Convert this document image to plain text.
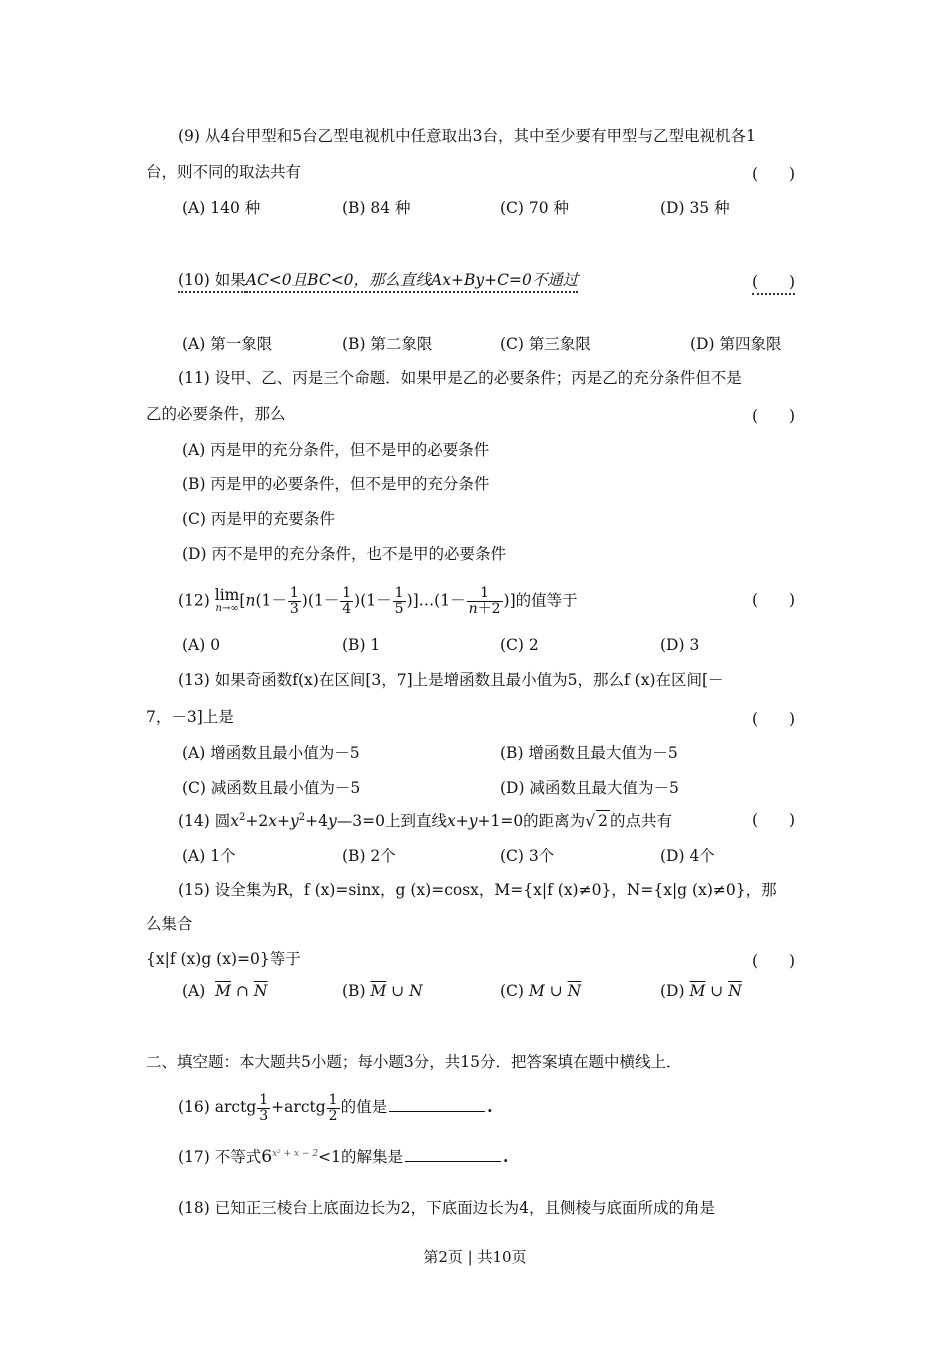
(9) 从4台甲型和5台乙型电视机中任意取出3台，其中至少要有甲型与乙型电视机各1
台，则不同的取法共有	(　　)
(A) 140 种	(B) 84 种	(C) 70 种	(D) 35 种
(10) 如果AC<0且BC<0，那么直线Ax+By+C=0不通过	(　　)
(A) 第一象限	(B) 第二象限	(C) 第三象限	(D) 第四象限
(11) 设甲、乙、丙是三个命题．如果甲是乙的必要条件；丙是乙的充分条件但不是
乙的必要条件，那么	(　　)
(A) 丙是甲的充分条件，但不是甲的必要条件
(B) 丙是甲的必要条件，但不是甲的充分条件
(C) 丙是甲的充要条件
(D) 丙不是甲的充分条件，也不是甲的必要条件
(12) lim
n→∞ [$n(1- \frac{1}{3} )(1- \frac{1}{4} )(1- \frac{1}{5}$ )]…(1－ $\frac{1}{n+2}$ )]的值等于	(　　)
(A) 0	(B) 1	(C) 2	(D) 3
(13) 如果奇函数f(x)在区间[3，7]上是增函数且最小值为5，那么f (x)在区间[－
7，－3]上是	(　　)
(A) 增函数且最小值为－5	(B) 增函数且最大值为－5
(C) 减函数且最小值为－5	(D) 减函数且最大值为－5
(14) 圆$x^2+2x+y^2+4y—3=0$上到直线x+y+1=0的距离为√ 2 的点共有	(　　)
(A) 1个	(B) 2个	(C) 3个	(D) 4个
(15) 设全集为R，f (x)=sinx，g (x)=cosx，M={x|f (x)≠0}，N={x|g (x)≠0}，那
么集合
{x|f (x)g (x)=0}等于	(　　)
(A) $\overline{M}$ ∩ $\overline{N}$	(B) $\overline{M}$ ∪ N	(C) M ∪ $\overline{N}$	(D) $\overline{M}$ ∪ $\overline{N}$
二、填空题：本大题共5小题；每小题3分，共15分．把答案填在题中横线上．
(16) arctg $\frac{1}{3}$ +arctg $\frac{1}{2}$ 的值是	.
(17) 不等式$6^{x^2 + x - 2}<1$的解集是	.
(18) 已知正三棱台上底面边长为2，下底面边长为4，且侧棱与底面所成的角是
第2页 | 共10页
